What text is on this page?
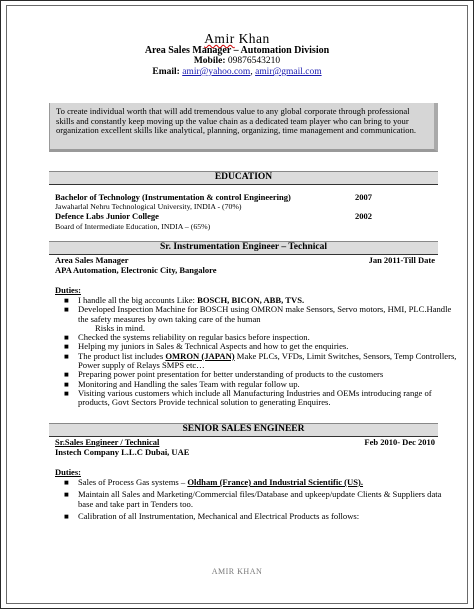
Amir Khan
Area Sales Manager – Automation Division
Mobile: 09876543210
Email: amir@yahoo.com, amir@gmail.com
To create individual worth that will add tremendous value to any global corporate through professional skills and constantly keep moving up the value chain as a dedicated team player who can bring to your organization excellent skills like analytical, planning, organizing, time management and communication.
EDUCATION
Bachelor of Technology (Instrumentation & control Engineering)	2007
Jawaharlal Nehru Technological University, INDIA - (70%)
Defence Labs Junior College	2002
Board of Intermediate Education, INDIA – (65%)
Sr. Instrumentation Engineer – Technical
Area Sales Manager	Jan 2011-Till Date
APA Automation, Electronic City, Bangalore
Duties:
■ I handle all the big accounts Like: BOSCH, BICON, ABB, TVS.
■ Developed Inspection Machine for BOSCH using OMRON make Sensors, Servo motors, HMI, PLC.Handle the safety measures by own taking care of the human
Risks in mind.
■ Checked the systems reliability on regular basics before inspection.
■ Helping my juniors in Sales & Technical Aspects and how to get the enquiries.
■ The product list includes OMRON (JAPAN) Make PLCs, VFDs, Limit Switches, Sensors, Temp Controllers, Power supply of Relays SMPS etc…
■ Preparing power point presentation for better understanding of products to the customers
■ Monitoring and Handling the sales Team with regular follow up.
■ Visiting various customers which include all Manufacturing Industries and OEMs introducing range of products, Govt Sectors Provide technical solution to generating Enquires.
SENIOR SALES ENGINEER
Sr.Sales Engineer / Technical	Feb 2010- Dec 2010
Instech Company L.L.C Dubai, UAE
Duties:
■ Sales of Process Gas systems – Oldham (France) and Industrial Scientific (US).
■ Maintain all Sales and Marketing/Commercial files/Database and upkeep/update Clients & Suppliers data base and take part in Tenders too.
■ Calibration of all Instrumentation, Mechanical and Electrical Products as follows:
AMIR KHAN
